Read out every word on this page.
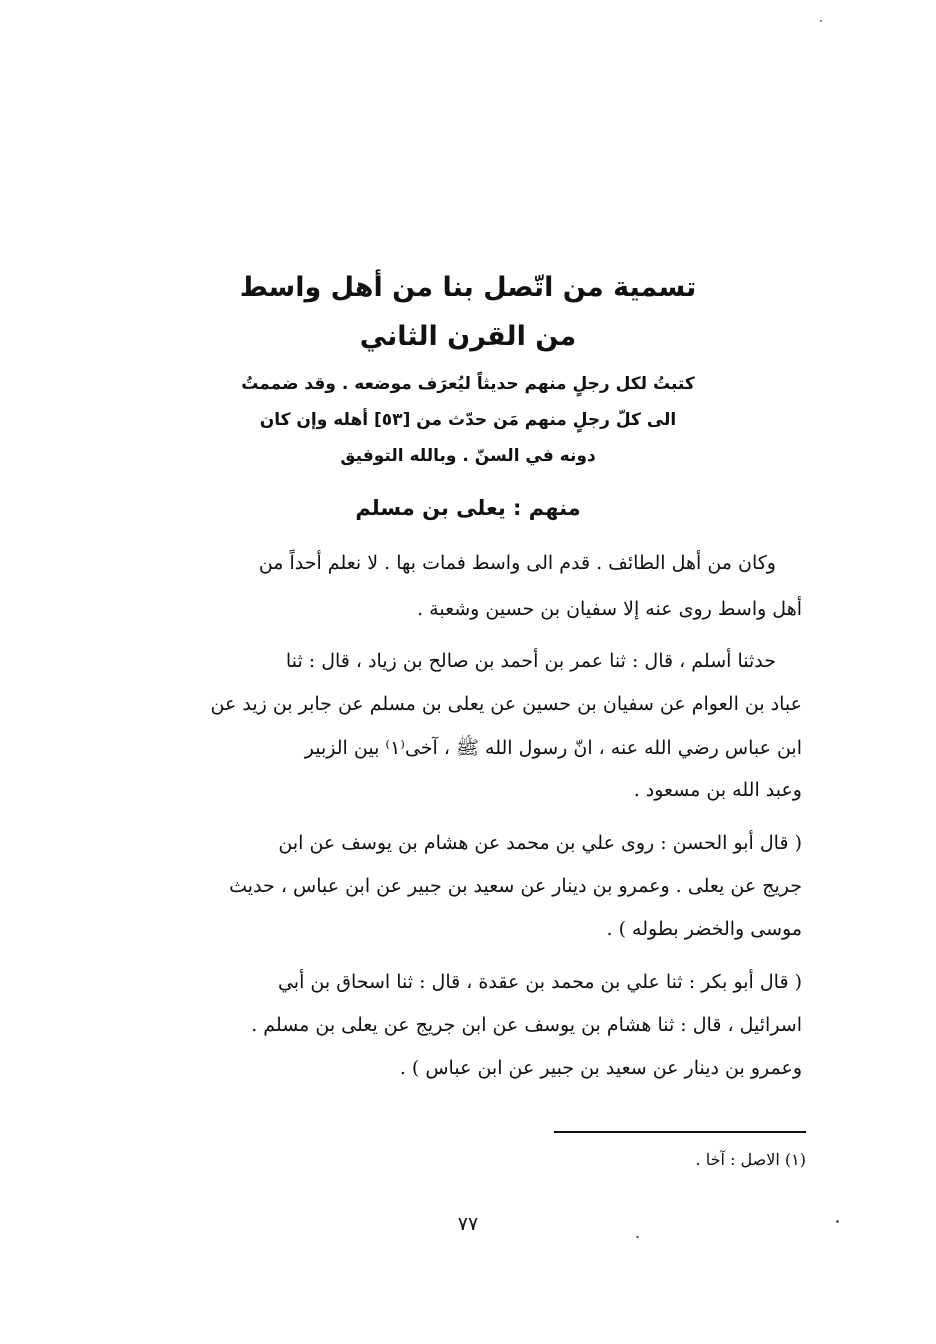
تسمية من اتّصل بنا من أهل واسط
من القرن الثاني
كتبتُ لكل رجلٍ منهم حديثاً ليُعرَف موضعه . وقد ضممتُ
الى كلّ رجلٍ منهم مَن حدّث من [٥٣] أهله وإن كان
دونه في السنّ . وبالله التوفيق
منهم : يعلى بن مسلم
وكان من أهل الطائف . قدم الى واسط فمات بها . لا نعلم أحداً من
أهل واسط روى عنه إلا سفيان بن حسين وشعبة .
حدثنا أسلم ، قال : ثنا عمر بن أحمد بن صالح بن زياد ، قال : ثنا
عباد بن العوام عن سفيان بن حسين عن يعلى بن مسلم عن جابر بن زيد عن
ابن عباس رضي الله عنه ، انّ رسول الله ﷺ ، آخى⁽١⁾ بين الزبير
وعبد الله بن مسعود .
( قال أبو الحسن : روى علي بن محمد عن هشام بن يوسف عن ابن
جريج عن يعلى . وعمرو بن دينار عن سعيد بن جبير عن ابن عباس ، حديث
موسى والخضر بطوله ) .
( قال أبو بكر : ثنا علي بن محمد بن عقدة ، قال : ثنا اسحاق بن أبي
اسرائيل ، قال : ثنا هشام بن يوسف عن ابن جريج عن يعلى بن مسلم .
وعمرو بن دينار عن سعيد بن جبير عن ابن عباس ) .
(١) الاصل : آخا .
٧٧
